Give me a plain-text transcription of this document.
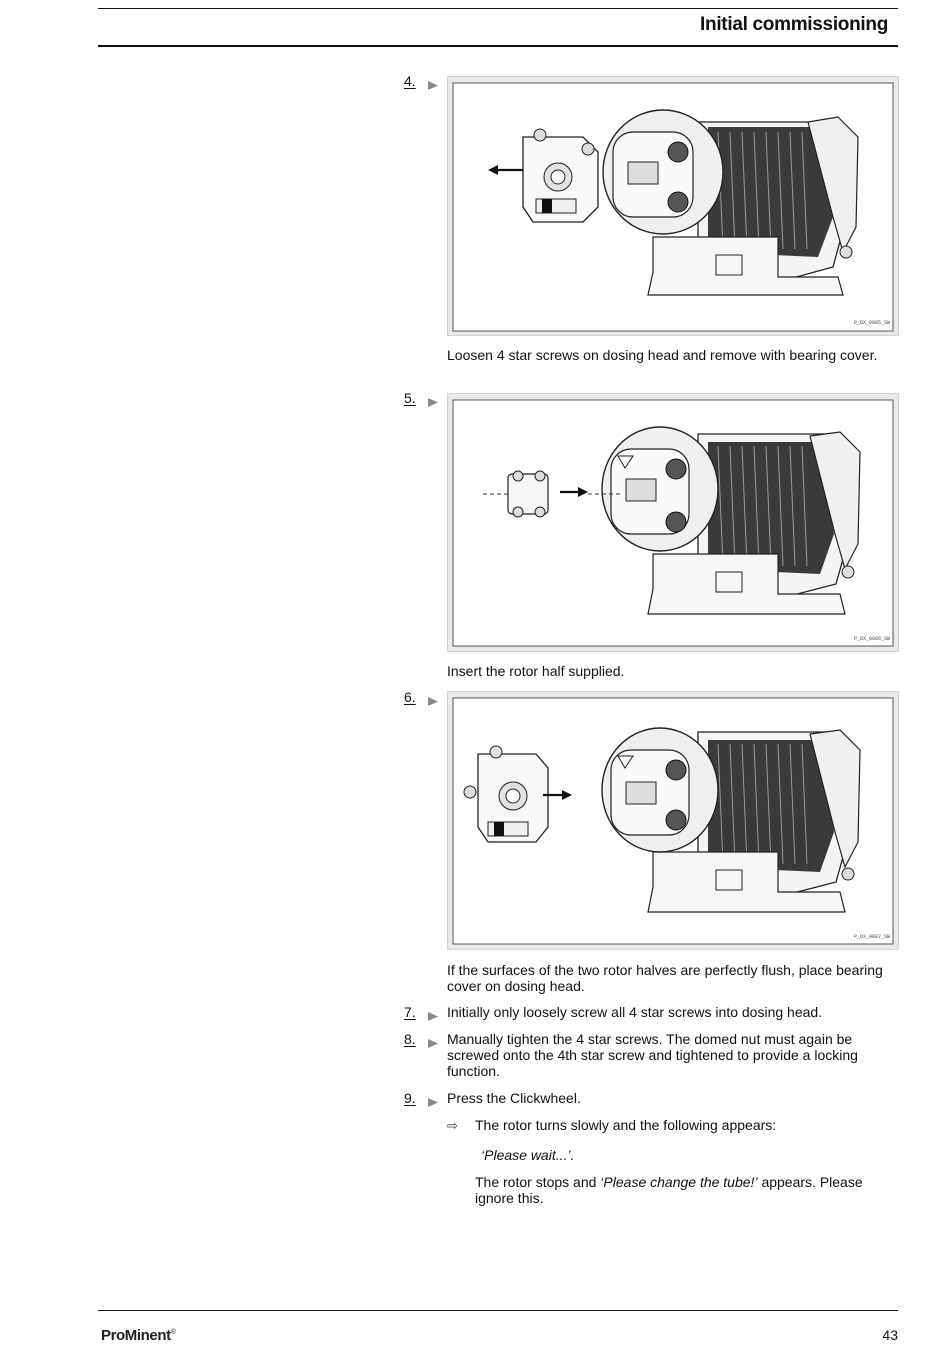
Initial commissioning
4.
P_DX_0085_SW
Loosen 4 star screws on dosing head and remove with bearing cover.
5.
P_DX_0086_SW
Insert the rotor half supplied.
6.
P_DX_0087_SW
If the surfaces of the two rotor halves are perfectly flush, place bearing cover on dosing head.
7. Initially only loosely screw all 4 star screws into dosing head.
8. Manually tighten the 4 star screws. The domed nut must again be screwed onto the 4th star screw and tightened to provide a locking function.
9. Press the Clickwheel.
⇨ The rotor turns slowly and the following appears:
‘Please wait...’.
The rotor stops and ‘Please change the tube!’ appears. Please ignore this.
ProMinent®	43
